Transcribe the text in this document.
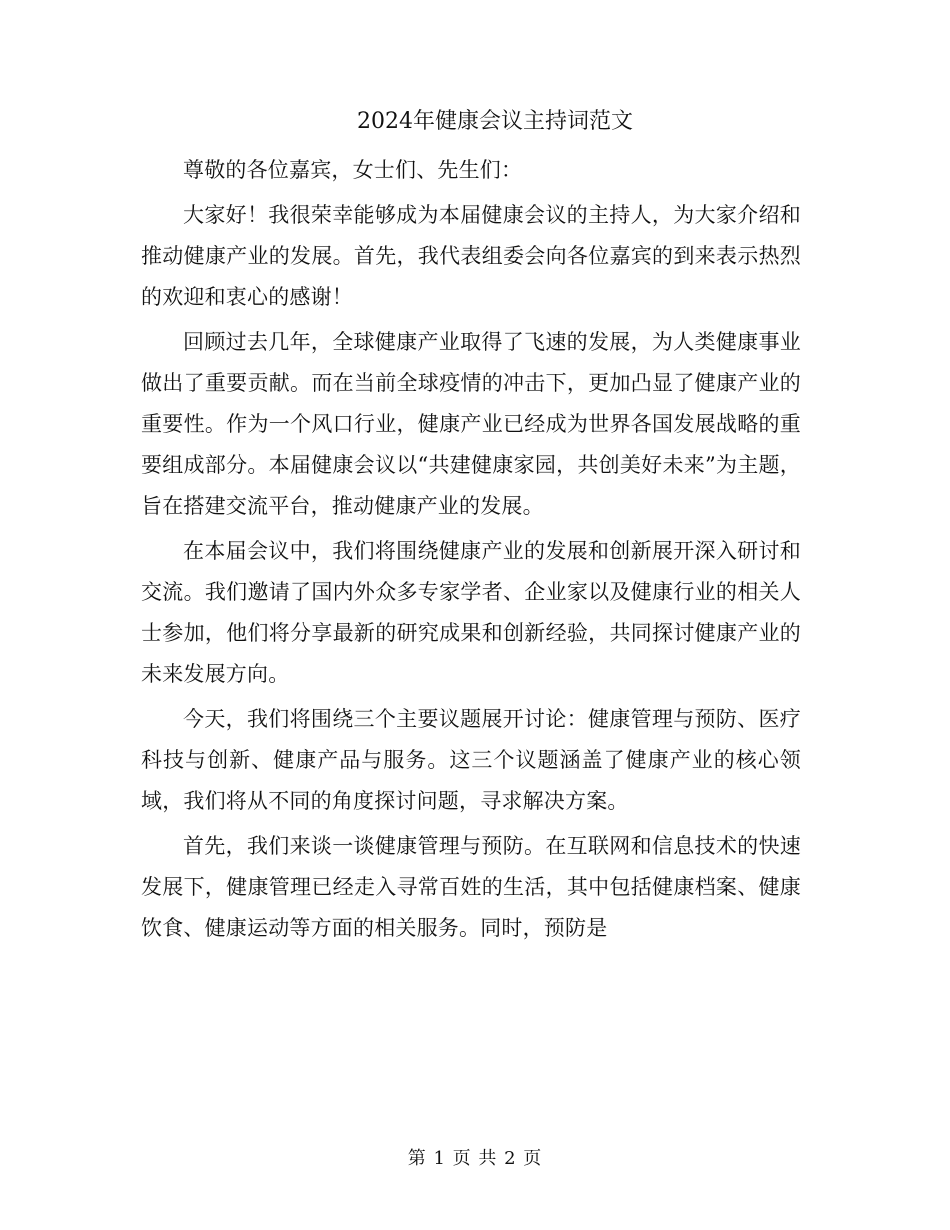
2024年健康会议主持词范文

尊敬的各位嘉宾，女士们、先生们：

大家好！我很荣幸能够成为本届健康会议的主持人，为大家介绍和推动健康产业的发展。首先，我代表组委会向各位嘉宾的到来表示热烈的欢迎和衷心的感谢！

回顾过去几年，全球健康产业取得了飞速的发展，为人类健康事业做出了重要贡献。而在当前全球疫情的冲击下，更加凸显了健康产业的重要性。作为一个风口行业，健康产业已经成为世界各国发展战略的重要组成部分。本届健康会议以“共建健康家园，共创美好未来”为主题，旨在搭建交流平台，推动健康产业的发展。

在本届会议中，我们将围绕健康产业的发展和创新展开深入研讨和交流。我们邀请了国内外众多专家学者、企业家以及健康行业的相关人士参加，他们将分享最新的研究成果和创新经验，共同探讨健康产业的未来发展方向。

今天，我们将围绕三个主要议题展开讨论：健康管理与预防、医疗科技与创新、健康产品与服务。这三个议题涵盖了健康产业的核心领域，我们将从不同的角度探讨问题，寻求解决方案。

首先，我们来谈一谈健康管理与预防。在互联网和信息技术的快速发展下，健康管理已经走入寻常百姓的生活，其中包括健康档案、健康饮食、健康运动等方面的相关服务。同时，预防是

第 1 页 共 2 页
